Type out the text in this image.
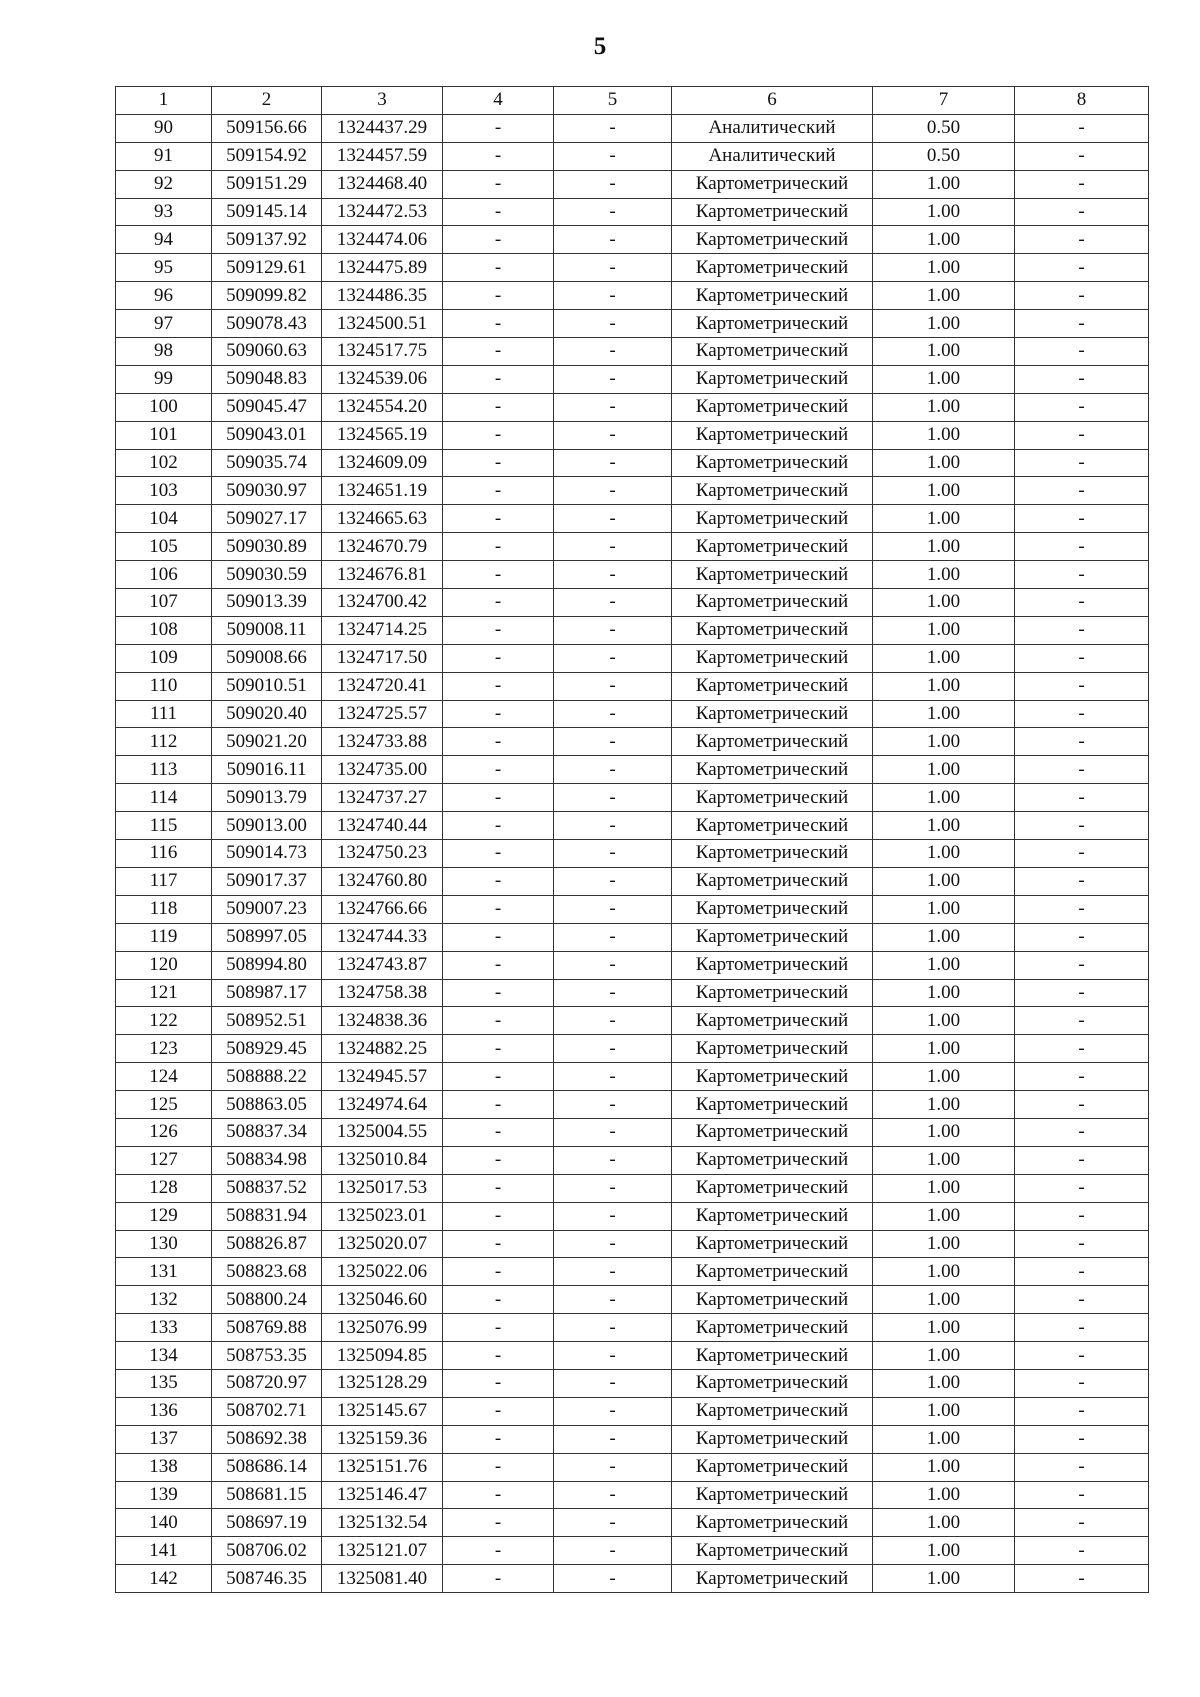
5
1	2	3	4	5	6	7	8
90	509156.66	1324437.29	-	-	Аналитический	0.50	-
91	509154.92	1324457.59	-	-	Аналитический	0.50	-
92	509151.29	1324468.40	-	-	Картометрический	1.00	-
93	509145.14	1324472.53	-	-	Картометрический	1.00	-
94	509137.92	1324474.06	-	-	Картометрический	1.00	-
95	509129.61	1324475.89	-	-	Картометрический	1.00	-
96	509099.82	1324486.35	-	-	Картометрический	1.00	-
97	509078.43	1324500.51	-	-	Картометрический	1.00	-
98	509060.63	1324517.75	-	-	Картометрический	1.00	-
99	509048.83	1324539.06	-	-	Картометрический	1.00	-
100	509045.47	1324554.20	-	-	Картометрический	1.00	-
101	509043.01	1324565.19	-	-	Картометрический	1.00	-
102	509035.74	1324609.09	-	-	Картометрический	1.00	-
103	509030.97	1324651.19	-	-	Картометрический	1.00	-
104	509027.17	1324665.63	-	-	Картометрический	1.00	-
105	509030.89	1324670.79	-	-	Картометрический	1.00	-
106	509030.59	1324676.81	-	-	Картометрический	1.00	-
107	509013.39	1324700.42	-	-	Картометрический	1.00	-
108	509008.11	1324714.25	-	-	Картометрический	1.00	-
109	509008.66	1324717.50	-	-	Картометрический	1.00	-
110	509010.51	1324720.41	-	-	Картометрический	1.00	-
111	509020.40	1324725.57	-	-	Картометрический	1.00	-
112	509021.20	1324733.88	-	-	Картометрический	1.00	-
113	509016.11	1324735.00	-	-	Картометрический	1.00	-
114	509013.79	1324737.27	-	-	Картометрический	1.00	-
115	509013.00	1324740.44	-	-	Картометрический	1.00	-
116	509014.73	1324750.23	-	-	Картометрический	1.00	-
117	509017.37	1324760.80	-	-	Картометрический	1.00	-
118	509007.23	1324766.66	-	-	Картометрический	1.00	-
119	508997.05	1324744.33	-	-	Картометрический	1.00	-
120	508994.80	1324743.87	-	-	Картометрический	1.00	-
121	508987.17	1324758.38	-	-	Картометрический	1.00	-
122	508952.51	1324838.36	-	-	Картометрический	1.00	-
123	508929.45	1324882.25	-	-	Картометрический	1.00	-
124	508888.22	1324945.57	-	-	Картометрический	1.00	-
125	508863.05	1324974.64	-	-	Картометрический	1.00	-
126	508837.34	1325004.55	-	-	Картометрический	1.00	-
127	508834.98	1325010.84	-	-	Картометрический	1.00	-
128	508837.52	1325017.53	-	-	Картометрический	1.00	-
129	508831.94	1325023.01	-	-	Картометрический	1.00	-
130	508826.87	1325020.07	-	-	Картометрический	1.00	-
131	508823.68	1325022.06	-	-	Картометрический	1.00	-
132	508800.24	1325046.60	-	-	Картометрический	1.00	-
133	508769.88	1325076.99	-	-	Картометрический	1.00	-
134	508753.35	1325094.85	-	-	Картометрический	1.00	-
135	508720.97	1325128.29	-	-	Картометрический	1.00	-
136	508702.71	1325145.67	-	-	Картометрический	1.00	-
137	508692.38	1325159.36	-	-	Картометрический	1.00	-
138	508686.14	1325151.76	-	-	Картометрический	1.00	-
139	508681.15	1325146.47	-	-	Картометрический	1.00	-
140	508697.19	1325132.54	-	-	Картометрический	1.00	-
141	508706.02	1325121.07	-	-	Картометрический	1.00	-
142	508746.35	1325081.40	-	-	Картометрический	1.00	-
